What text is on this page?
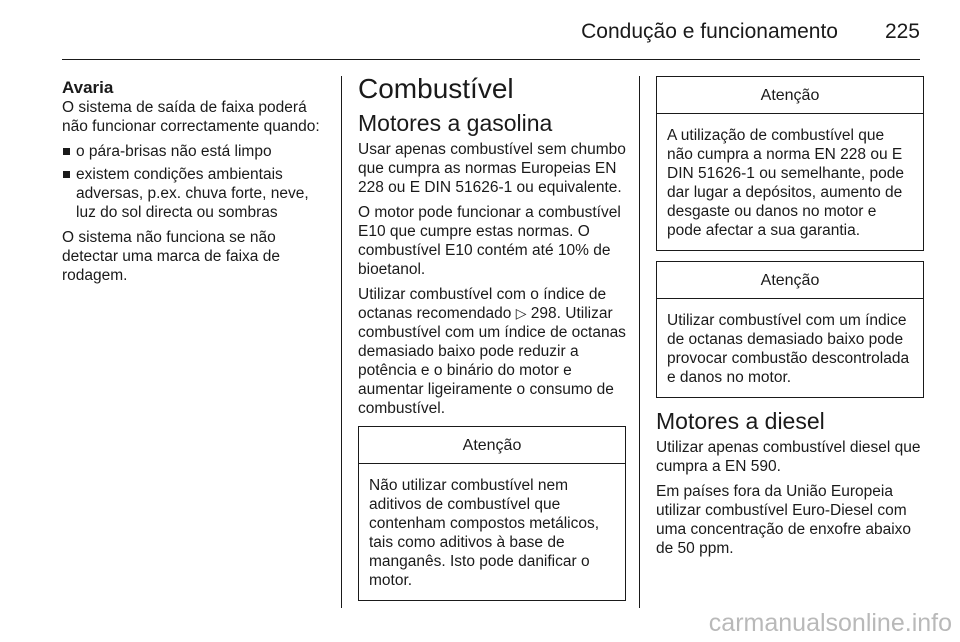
Condução e funcionamento 225
Avaria

O sistema de saída de faixa poderá não funcionar correctamente quando:

o pára-brisas não está limpo
existem condições ambientais adversas, p.ex. chuva forte, neve, luz do sol directa ou sombras

O sistema não funciona se não detectar uma marca de faixa de rodagem.

Combustível
Motores a gasolina

Usar apenas combustível sem chumbo que cumpra as normas Europeias EN 228 ou E DIN 51626-1 ou equivalente.

O motor pode funcionar a combustível E10 que cumpre estas normas. O combustível E10 contém até 10% de bioetanol.

Utilizar combustível com o índice de octanas recomendado ▷ 298. Utilizar combustível com um índice de octanas demasiado baixo pode reduzir a potência e o binário do motor e aumentar ligeiramente o consumo de combustível.

Atenção
Não utilizar combustível nem aditivos de combustível que contenham compostos metálicos, tais como aditivos à base de manganês. Isto pode danificar o motor.
Atenção
A utilização de combustível que não cumpra a norma EN 228 ou E DIN 51626-1 ou semelhante, pode dar lugar a depósitos, aumento de desgaste ou danos no motor e pode afectar a sua garantia.
Atenção
Utilizar combustível com um índice de octanas demasiado baixo pode provocar combustão descontrolada e danos no motor.
Motores a diesel

Utilizar apenas combustível diesel que cumpra a EN 590.

Em países fora da União Europeia utilizar combustível Euro-Diesel com uma concentração de enxofre abaixo de 50 ppm.

carmanualsonline.info
